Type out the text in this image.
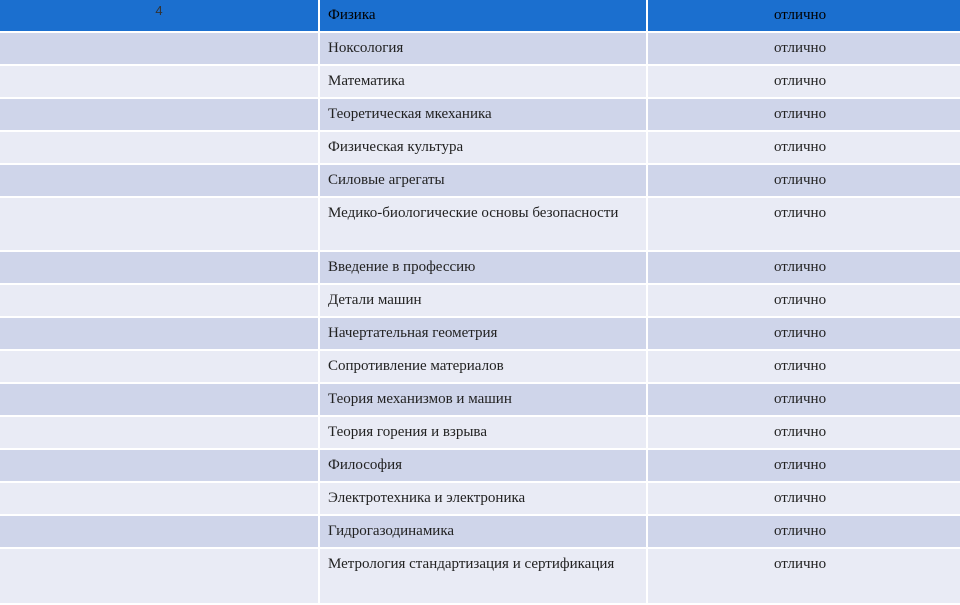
4	Физика	отлично
	Ноксология	отлично
	Математика	отлично
	Теоретическая мкеханика	отлично
	Физическая культура	отлично
	Силовые агрегаты	отлично
	Медико-биологические основы безопасности	отлично
	Введение в профессию	отлично
	Детали машин	отлично
	Начертательная геометрия	отлично
5	Сопротивление материалов	отлично
	Теория механизмов и машин	отлично
	Теория горения и взрыва	отлично
	Философия	отлично
	Электротехника и электроника	отлично
	Гидрогазодинамика	отлично
	Метрология стандартизация и сертификация	отлично
